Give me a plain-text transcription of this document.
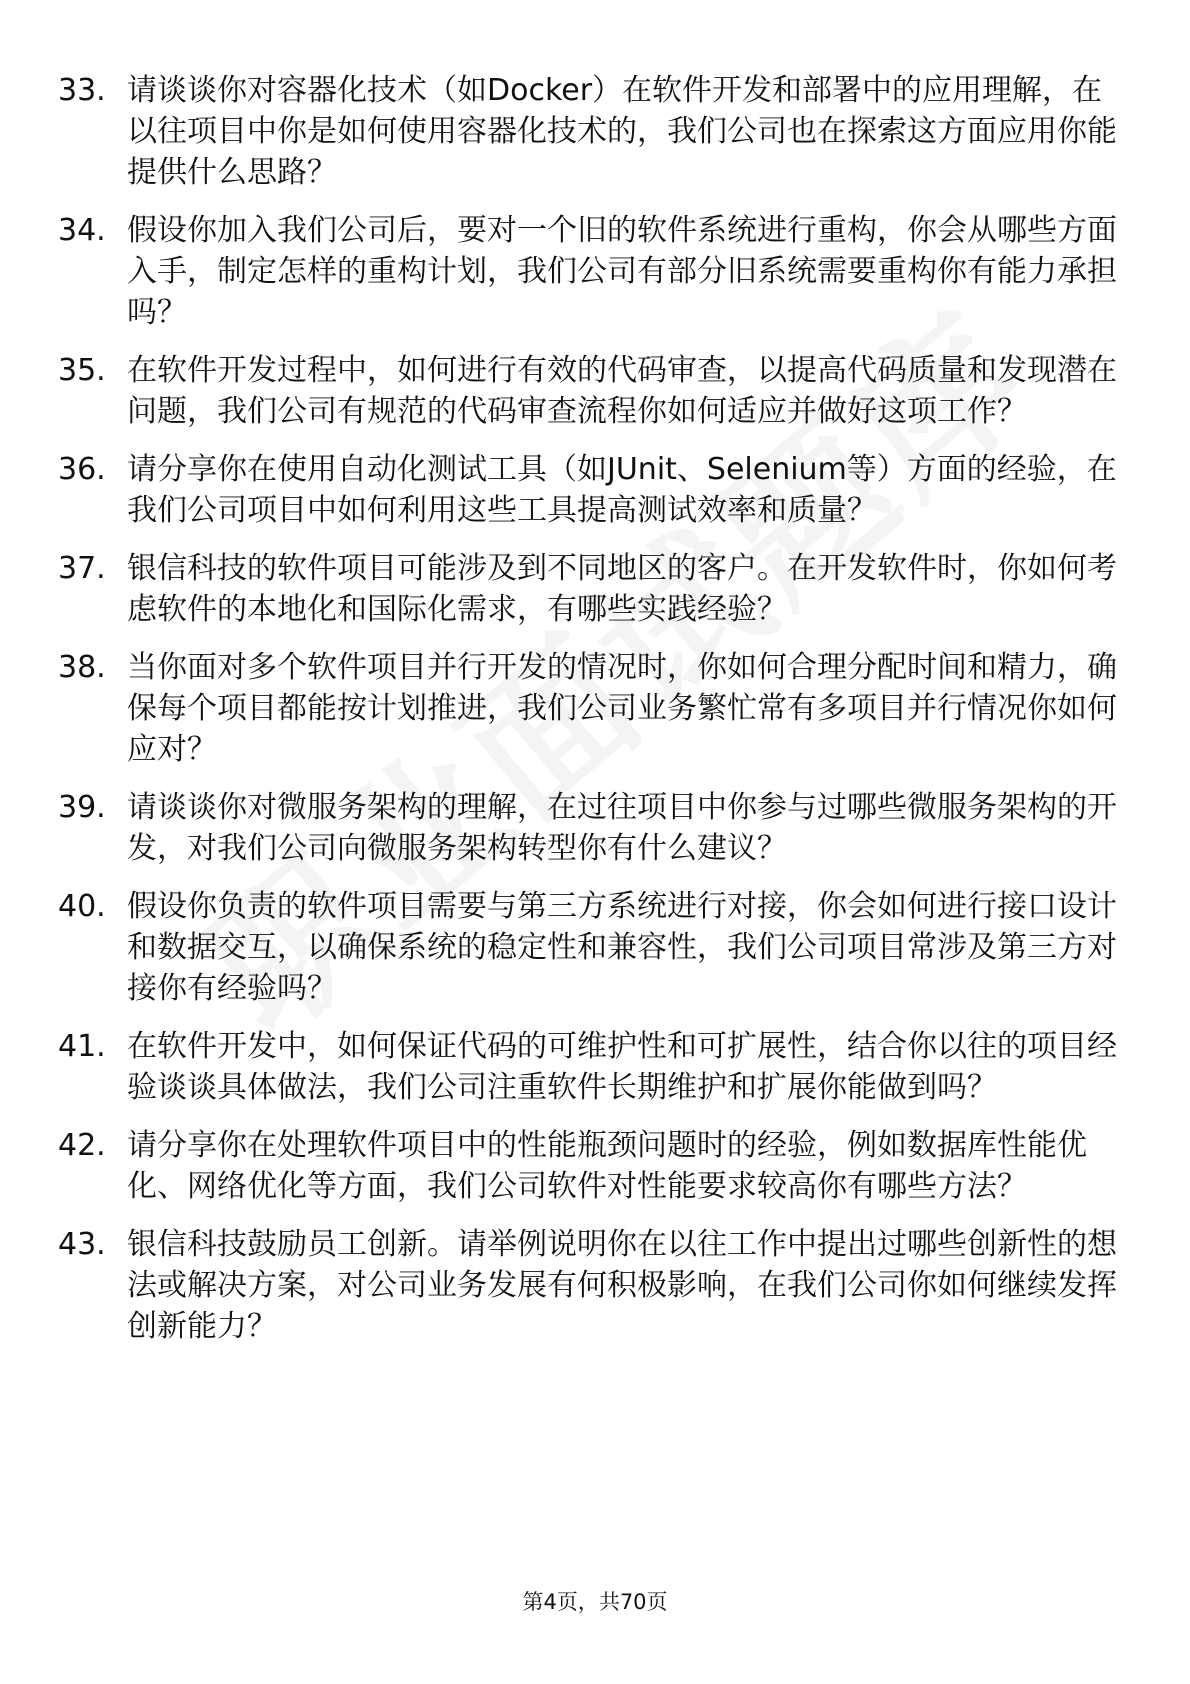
33. 请谈谈你对容器化技术（如Docker）在软件开发和部署中的应用理解，在以往项目中你是如何使用容器化技术的，我们公司也在探索这方面应用你能提供什么思路？
34. 假设你加入我们公司后，要对一个旧的软件系统进行重构，你会从哪些方面入手，制定怎样的重构计划，我们公司有部分旧系统需要重构你有能力承担吗？
35. 在软件开发过程中，如何进行有效的代码审查，以提高代码质量和发现潜在问题，我们公司有规范的代码审查流程你如何适应并做好这项工作？
36. 请分享你在使用自动化测试工具（如JUnit、Selenium等）方面的经验，在我们公司项目中如何利用这些工具提高测试效率和质量？
37. 银信科技的软件项目可能涉及到不同地区的客户。在开发软件时，你如何考虑软件的本地化和国际化需求，有哪些实践经验？
38. 当你面对多个软件项目并行开发的情况时，你如何合理分配时间和精力，确保每个项目都能按计划推进，我们公司业务繁忙常有多项目并行情况你如何应对？
39. 请谈谈你对微服务架构的理解，在过往项目中你参与过哪些微服务架构的开发，对我们公司向微服务架构转型你有什么建议？
40. 假设你负责的软件项目需要与第三方系统进行对接，你会如何进行接口设计和数据交互，以确保系统的稳定性和兼容性，我们公司项目常涉及第三方对接你有经验吗？
41. 在软件开发中，如何保证代码的可维护性和可扩展性，结合你以往的项目经验谈谈具体做法，我们公司注重软件长期维护和扩展你能做到吗？
42. 请分享你在处理软件项目中的性能瓶颈问题时的经验，例如数据库性能优化、网络优化等方面，我们公司软件对性能要求较高你有哪些方法？
43. 银信科技鼓励员工创新。请举例说明你在以往工作中提出过哪些创新性的想法或解决方案，对公司业务发展有何积极影响，在我们公司你如何继续发挥创新能力？
第4页，共70页
